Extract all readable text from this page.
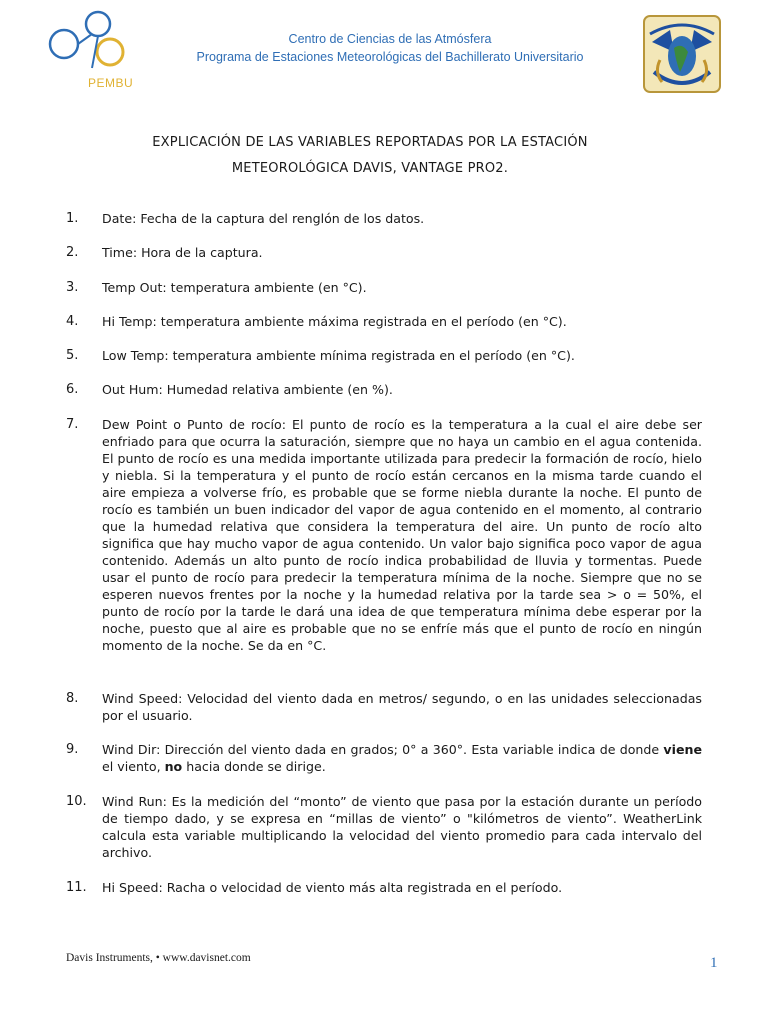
PEMBU
Centro de Ciencias de las Atmósfera
Programa de Estaciones Meteorológicas del Bachillerato Universitario
EXPLICACIÓN DE LAS VARIABLES REPORTADAS POR LA ESTACIÓN
METEOROLÓGICA DAVIS, VANTAGE PRO2.
1.	Date: Fecha de la captura del renglón de los datos.
2.	Time: Hora de la captura.
3.	Temp Out: temperatura ambiente (en °C).
4.	Hi Temp: temperatura ambiente máxima registrada en el período (en °C).
5.	Low Temp: temperatura ambiente mínima registrada en el período (en °C).
6.	Out Hum: Humedad relativa ambiente (en %).
7.	Dew Point o Punto de rocío: El punto de rocío es la temperatura a la cual el aire debe ser enfriado para que ocurra la saturación, siempre que no haya un cambio en el agua contenida. El punto de rocío es una medida importante utilizada para predecir la formación de rocío, hielo y niebla. Si la temperatura y el punto de rocío están cercanos en la misma tarde cuando el aire empieza a volverse frío, es probable que se forme niebla durante la noche. El punto de rocío es también un buen indicador del vapor de agua contenido en el momento, al contrario que la humedad relativa que considera la temperatura del aire. Un punto de rocío alto significa que hay mucho vapor de agua contenido. Un valor bajo significa poco vapor de agua contenido. Además un alto punto de rocío indica probabilidad de lluvia y tormentas. Puede usar el punto de rocío para predecir la temperatura mínima de la noche. Siempre que no se esperen nuevos frentes por la noche y la humedad relativa por la tarde sea > o = 50%, el punto de rocío por la tarde le dará una idea de que temperatura mínima debe esperar por la noche, puesto que al aire es probable que no se enfríe más que el punto de rocío en ningún momento de la noche. Se da en °C.
8.	Wind Speed: Velocidad del viento dada en metros/ segundo, o en las unidades seleccionadas por el usuario.
9.	Wind Dir: Dirección del viento dada en grados; 0° a 360°. Esta variable indica de donde viene el viento, no hacia donde se dirige.
10.	Wind Run: Es la medición del “monto” de viento que pasa por la estación durante un período de tiempo dado, y se expresa en “millas de viento” o "kilómetros de viento”. WeatherLink calcula esta variable multiplicando la velocidad del viento promedio para cada intervalo del archivo.
11.	Hi Speed: Racha o velocidad de viento más alta registrada en el período.
Davis Instruments, • www.davisnet.com	1
